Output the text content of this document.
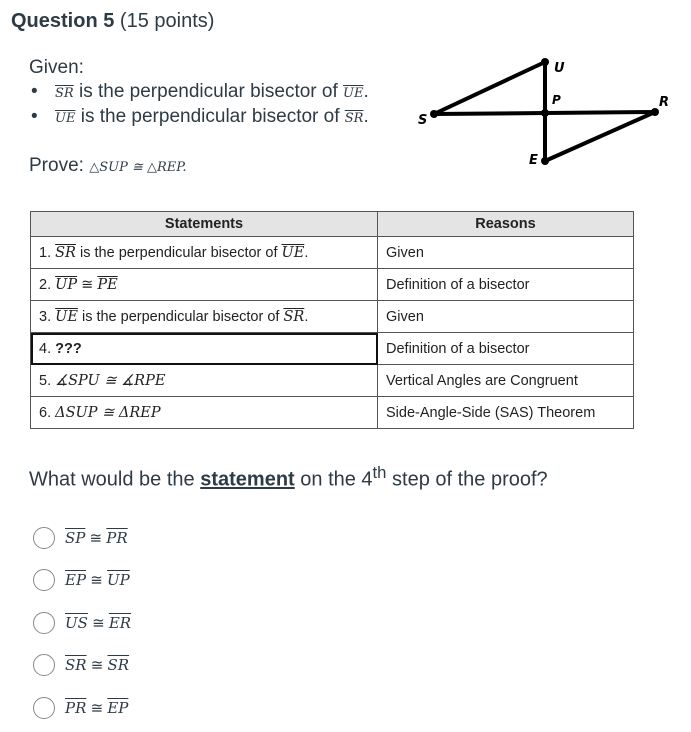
Question 5 (15 points)
Given:
• $\overline{SR}$ is the perpendicular bisector of $\overline{UE}$.
• $\overline{UE}$ is the perpendicular bisector of $\overline{SR}$.
Prove: △SUP ≅ △REP.
U
P	R
S
E
Statements	Reasons
1. $\overline{SR}$ is the perpendicular bisector of $\overline{UE}$.	Given
2. $\overline{UP}$ ≅ $\overline{PE}$	Definition of a bisector
3. $\overline{UE}$ is the perpendicular bisector of $\overline{SR}$.	Given
4. ???	Definition of a bisector
5. ∡SPU ≅ ∡RPE	Vertical Angles are Congruent
6. ΔSUP ≅ ΔREP	Side-Angle-Side (SAS) Theorem
What would be the statement on the 4th step of the proof?
$\overline{SP}$ ≅ $\overline{PR}$
$\overline{EP}$ ≅ $\overline{UP}$
$\overline{US}$ ≅ $\overline{ER}$
$\overline{SR}$ ≅ $\overline{SR}$
$\overline{PR}$ ≅ $\overline{EP}$
